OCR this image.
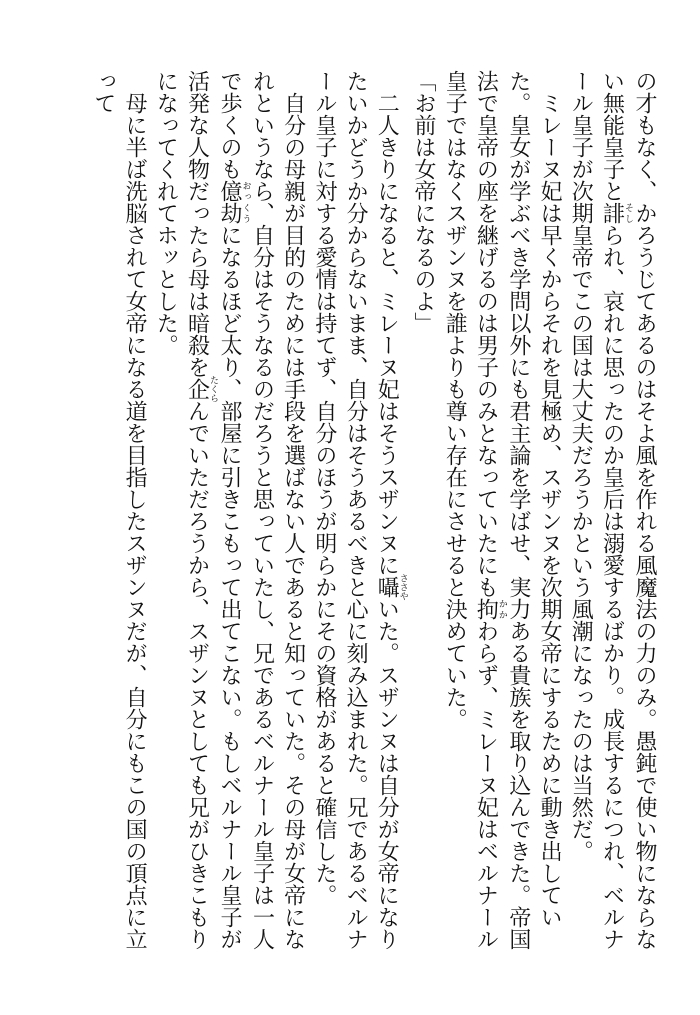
の才もなく、かろうじてあるのはそよ風を作れる風魔法の力のみ。愚鈍で使い物にならない無能皇子と誹そしられ、哀れに思ったのか皇后は溺愛するばかり。成長するにつれ、ベルナール皇子が次期皇帝でこの国は大丈夫だろうかという風潮になったのは当然だ。

ミレーヌ妃は早くからそれを見極め、スザンヌを次期女帝にするために動き出していた。皇女が学ぶべき学問以外にも君主論を学ばせ、実力ある貴族を取り込んできた。帝国法で皇帝の座を継げるのは男子のみとなっていたにも拘かかわらず、ミレーヌ妃はベルナール皇子ではなくスザンヌを誰よりも尊い存在にさせると決めていた。

「お前は女帝になるのよ」

二人きりになると、ミレーヌ妃はそうスザンヌに囁ささやいた。スザンヌは自分が女帝になりたいかどうか分からないまま、自分はそうあるべきと心に刻み込まれた。兄であるベルナール皇子に対する愛情は持てず、自分のほうが明らかにその資格があると確信した。

自分の母親が目的のためには手段を選ばない人であると知っていた。その母が女帝になれというなら、自分はそうなるのだろうと思っていたし、兄であるベルナール皇子は一人で歩くのも億劫おっくうになるほど太り、部屋に引きこもって出てこない。もしベルナール皇子が活発な人物だったら母は暗殺を企たくらんでいただろうから、スザンヌとしても兄がひきこもりになってくれてホッとした。

母に半ば洗脳されて女帝になる道を目指したスザンヌだが、自分にもこの国の頂点に立って
